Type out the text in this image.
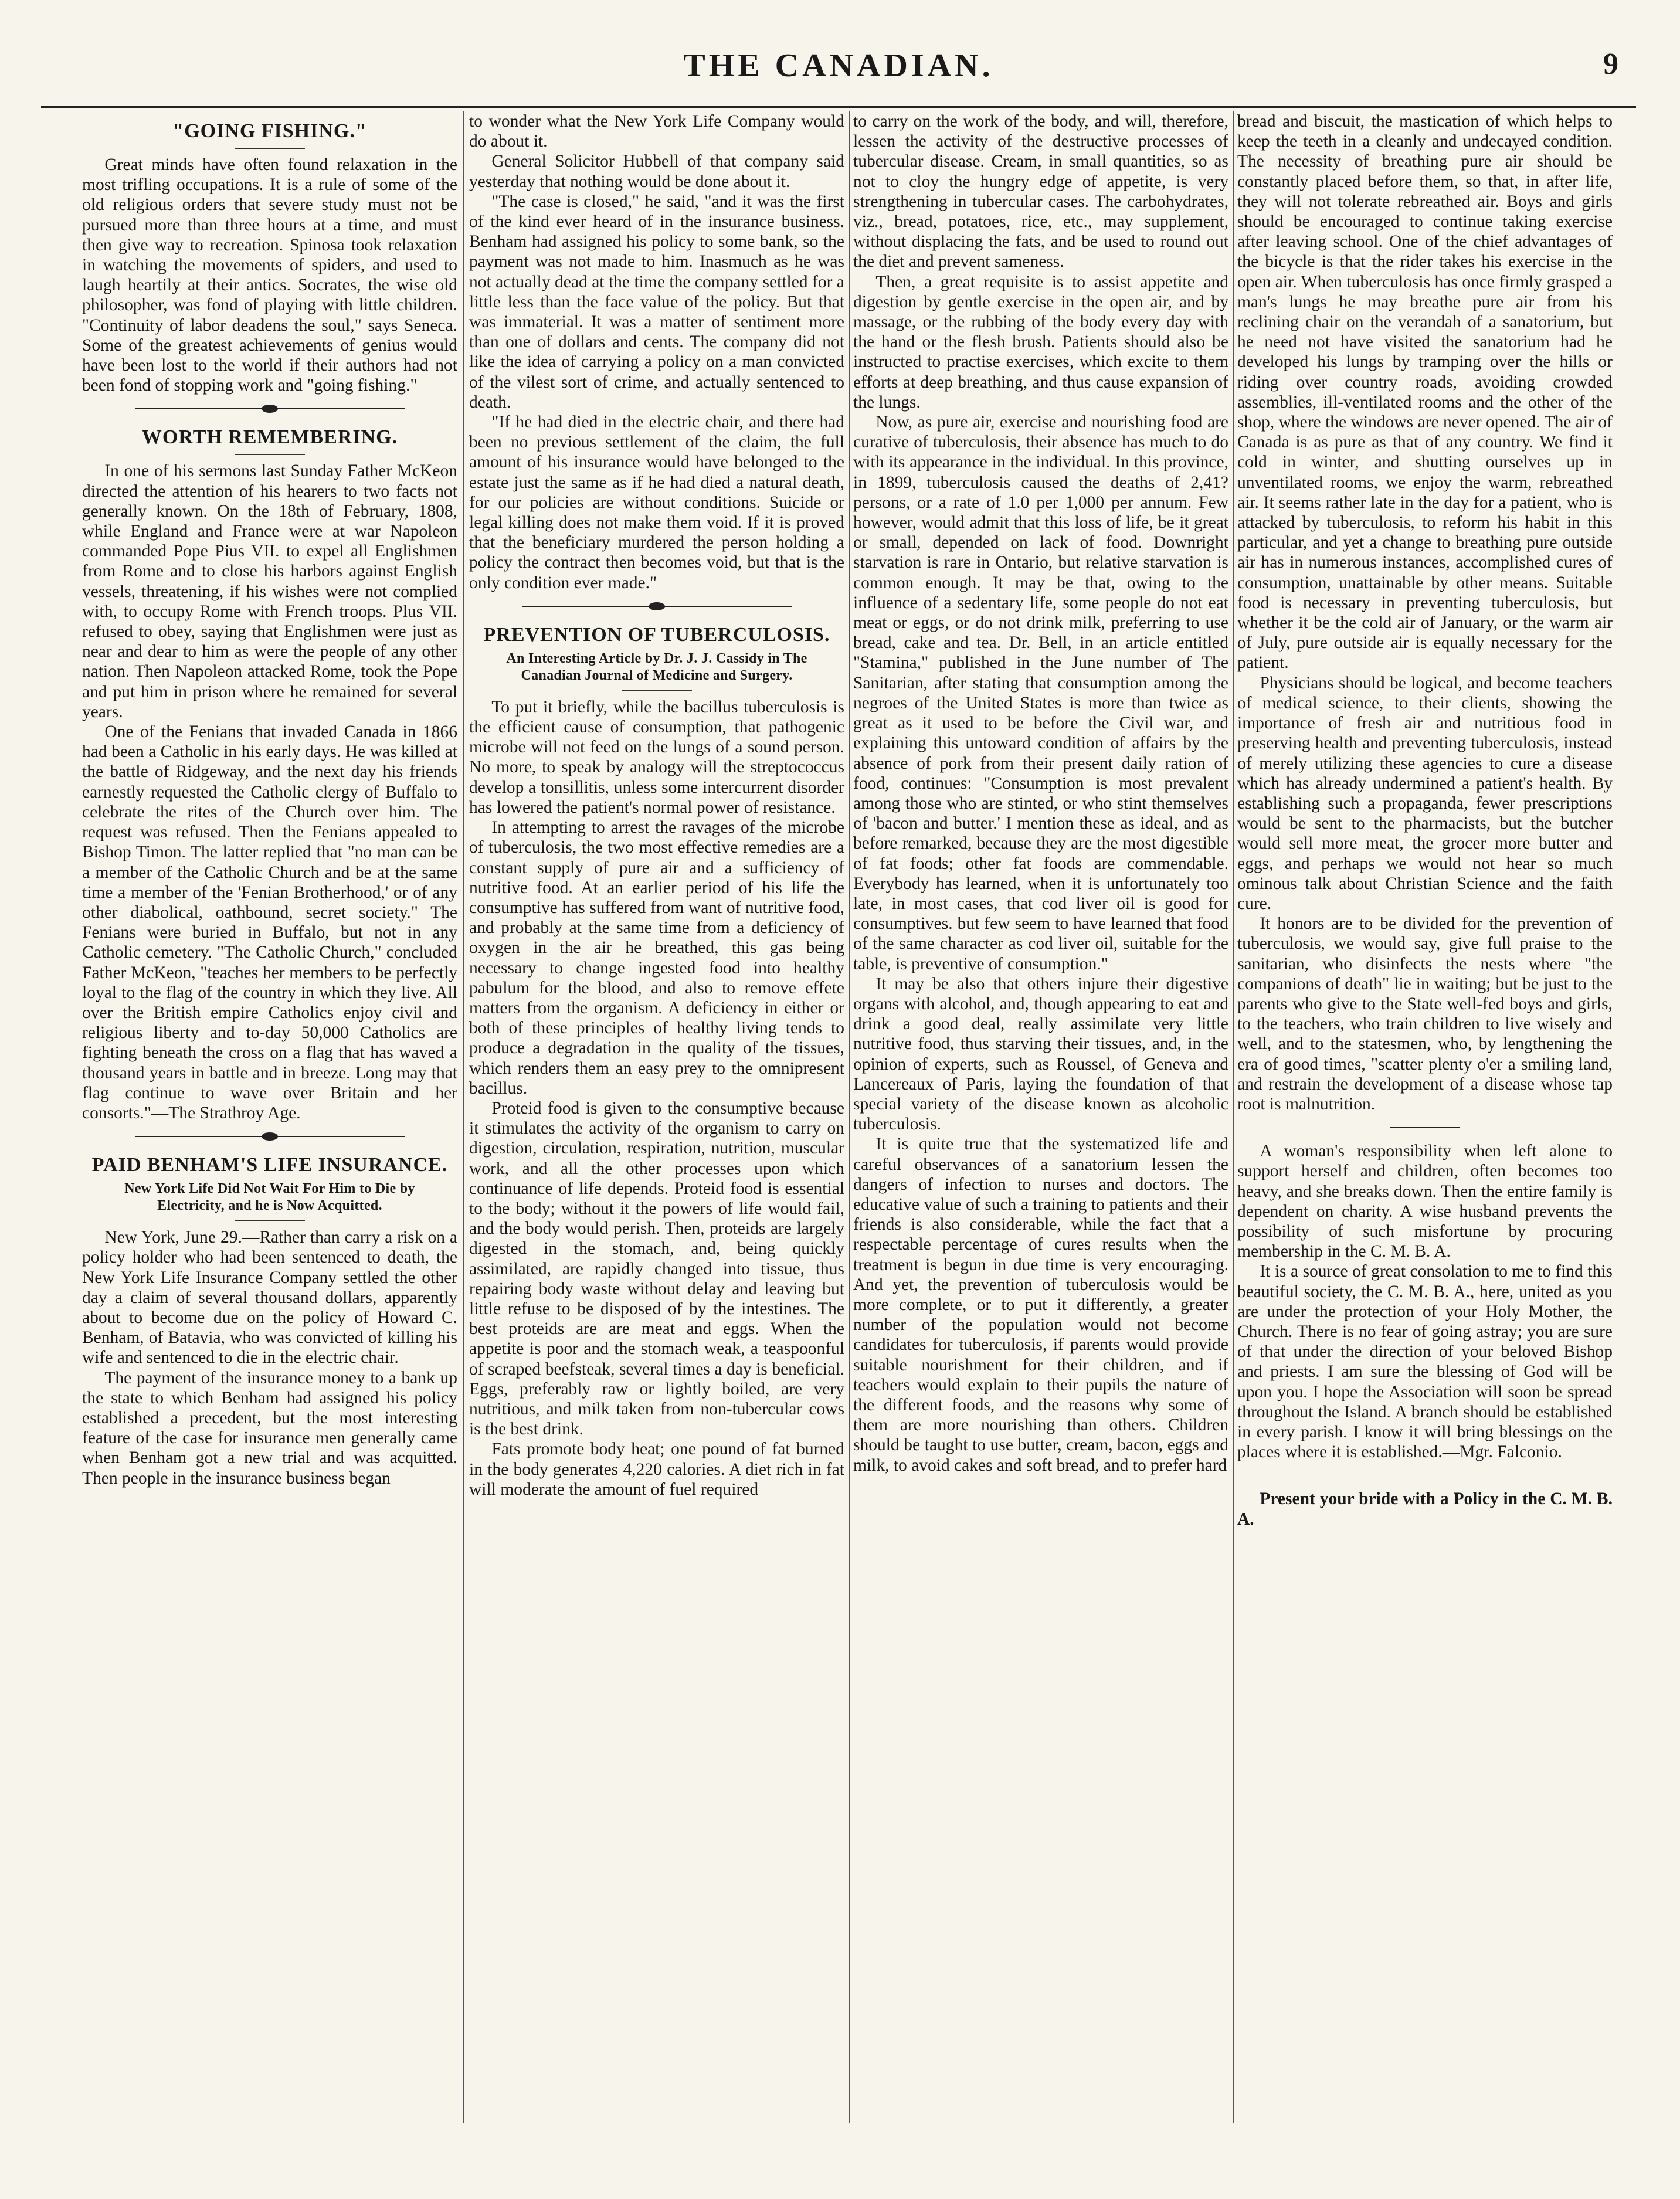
THE CANADIAN.	9
"GOING FISHING."

Great minds have often found relaxation in the most trifling occupations. It is a rule of some of the old religious orders that severe study must not be pursued more than three hours at a time, and must then give way to recreation. Spinosa took relaxation in watching the movements of spiders, and used to laugh heartily at their antics. Socrates, the wise old philosopher, was fond of playing with little children. "Continuity of labor deadens the soul," says Seneca. Some of the greatest achievements of genius would have been lost to the world if their authors had not been fond of stopping work and "going fishing."

WORTH REMEMBERING.

In one of his sermons last Sunday Father McKeon directed the attention of his hearers to two facts not generally known. On the 18th of February, 1808, while England and France were at war Napoleon commanded Pope Pius VII. to expel all Englishmen from Rome and to close his harbors against English vessels, threatening, if his wishes were not complied with, to occupy Rome with French troops. Plus VII. refused to obey, saying that Englishmen were just as near and dear to him as were the people of any other nation. Then Napoleon attacked Rome, took the Pope and put him in prison where he remained for several years.

One of the Fenians that invaded Canada in 1866 had been a Catholic in his early days. He was killed at the battle of Ridgeway, and the next day his friends earnestly requested the Catholic clergy of Buffalo to celebrate the rites of the Church over him. The request was refused. Then the Fenians appealed to Bishop Timon. The latter replied that "no man can be a member of the Catholic Church and be at the same time a member of the 'Fenian Brotherhood,' or of any other diabolical, oathbound, secret society." The Fenians were buried in Buffalo, but not in any Catholic cemetery. "The Catholic Church," concluded Father McKeon, "teaches her members to be perfectly loyal to the flag of the country in which they live. All over the British empire Catholics enjoy civil and religious liberty and to-day 50,000 Catholics are fighting beneath the cross on a flag that has waved a thousand years in battle and in breeze. Long may that flag continue to wave over Britain and her consorts."—The Strathroy Age.

PAID BENHAM'S LIFE INSURANCE.
New York Life Did Not Wait For Him to Die by Electricity, and he is Now Acquitted.

New York, June 29.—Rather than carry a risk on a policy holder who had been sentenced to death, the New York Life Insurance Company settled the other day a claim of several thousand dollars, apparently about to become due on the policy of Howard C. Benham, of Batavia, who was convicted of killing his wife and sentenced to die in the electric chair.

The payment of the insurance money to a bank up the state to which Benham had assigned his policy established a precedent, but the most interesting feature of the case for insurance men generally came when Benham got a new trial and was acquitted. Then people in the insurance business began

to wonder what the New York Life Company would do about it.

General Solicitor Hubbell of that company said yesterday that nothing would be done about it.

"The case is closed," he said, "and it was the first of the kind ever heard of in the insurance business. Benham had assigned his policy to some bank, so the payment was not made to him. Inasmuch as he was not actually dead at the time the company settled for a little less than the face value of the policy. But that was immaterial. It was a matter of sentiment more than one of dollars and cents. The company did not like the idea of carrying a policy on a man convicted of the vilest sort of crime, and actually sentenced to death.

"If he had died in the electric chair, and there had been no previous settlement of the claim, the full amount of his insurance would have belonged to the estate just the same as if he had died a natural death, for our policies are without conditions. Suicide or legal killing does not make them void. If it is proved that the beneficiary murdered the person holding a policy the contract then becomes void, but that is the only condition ever made."

PREVENTION OF TUBERCULOSIS.
An Interesting Article by Dr. J. J. Cassidy in The Canadian Journal of Medicine and Surgery.

To put it briefly, while the bacillus tuberculosis is the efficient cause of consumption, that pathogenic microbe will not feed on the lungs of a sound person. No more, to speak by analogy will the streptococcus develop a tonsillitis, unless some intercurrent disorder has lowered the patient's normal power of resistance.

In attempting to arrest the ravages of the microbe of tuberculosis, the two most effective remedies are a constant supply of pure air and a sufficiency of nutritive food. At an earlier period of his life the consumptive has suffered from want of nutritive food, and probably at the same time from a deficiency of oxygen in the air he breathed, this gas being necessary to change ingested food into healthy pabulum for the blood, and also to remove effete matters from the organism. A deficiency in either or both of these principles of healthy living tends to produce a degradation in the quality of the tissues, which renders them an easy prey to the omnipresent bacillus.

Proteid food is given to the consumptive because it stimulates the activity of the organism to carry on digestion, circulation, respiration, nutrition, muscular work, and all the other processes upon which continuance of life depends. Proteid food is essential to the body; without it the powers of life would fail, and the body would perish. Then, proteids are largely digested in the stomach, and, being quickly assimilated, are rapidly changed into tissue, thus repairing body waste without delay and leaving but little refuse to be disposed of by the intestines. The best proteids are are meat and eggs. When the appetite is poor and the stomach weak, a teaspoonful of scraped beefsteak, several times a day is beneficial. Eggs, preferably raw or lightly boiled, are very nutritious, and milk taken from non-tubercular cows is the best drink.

Fats promote body heat; one pound of fat burned in the body generates 4,220 calories. A diet rich in fat will moderate the amount of fuel required

to carry on the work of the body, and will, therefore, lessen the activity of the destructive processes of tubercular disease. Cream, in small quantities, so as not to cloy the hungry edge of appetite, is very strengthening in tubercular cases. The carbohydrates, viz., bread, potatoes, rice, etc., may supplement, without displacing the fats, and be used to round out the diet and prevent sameness.

Then, a great requisite is to assist appetite and digestion by gentle exercise in the open air, and by massage, or the rubbing of the body every day with the hand or the flesh brush. Patients should also be instructed to practise exercises, which excite to them efforts at deep breathing, and thus cause expansion of the lungs.

Now, as pure air, exercise and nourishing food are curative of tuberculosis, their absence has much to do with its appearance in the individual. In this province, in 1899, tuberculosis caused the deaths of 2,41? persons, or a rate of 1.0 per 1,000 per annum. Few however, would admit that this loss of life, be it great or small, depended on lack of food. Downright starvation is rare in Ontario, but relative starvation is common enough. It may be that, owing to the influence of a sedentary life, some people do not eat meat or eggs, or do not drink milk, preferring to use bread, cake and tea. Dr. Bell, in an article entitled "Stamina," published in the June number of The Sanitarian, after stating that consumption among the negroes of the United States is more than twice as great as it used to be before the Civil war, and explaining this untoward condition of affairs by the absence of pork from their present daily ration of food, continues: "Consumption is most prevalent among those who are stinted, or who stint themselves of 'bacon and butter.' I mention these as ideal, and as before remarked, because they are the most digestible of fat foods; other fat foods are commendable. Everybody has learned, when it is unfortunately too late, in most cases, that cod liver oil is good for consumptives. but few seem to have learned that food of the same character as cod liver oil, suitable for the table, is preventive of consumption."

It may be also that others injure their digestive organs with alcohol, and, though appearing to eat and drink a good deal, really assimilate very little nutritive food, thus starving their tissues, and, in the opinion of experts, such as Roussel, of Geneva and Lancereaux of Paris, laying the foundation of that special variety of the disease known as alcoholic tuberculosis.

It is quite true that the systematized life and careful observances of a sanatorium lessen the dangers of infection to nurses and doctors. The educative value of such a training to patients and their friends is also considerable, while the fact that a respectable percentage of cures results when the treatment is begun in due time is very encouraging. And yet, the prevention of tuberculosis would be more complete, or to put it differently, a greater number of the population would not become candidates for tuberculosis, if parents would provide suitable nourishment for their children, and if teachers would explain to their pupils the nature of the different foods, and the reasons why some of them are more nourishing than others. Children should be taught to use butter, cream, bacon, eggs and milk, to avoid cakes and soft bread, and to prefer hard

bread and biscuit, the mastication of which helps to keep the teeth in a cleanly and undecayed condition. The necessity of breathing pure air should be constantly placed before them, so that, in after life, they will not tolerate rebreathed air. Boys and girls should be encouraged to continue taking exercise after leaving school. One of the chief advantages of the bicycle is that the rider takes his exercise in the open air. When tuberculosis has once firmly grasped a man's lungs he may breathe pure air from his reclining chair on the verandah of a sanatorium, but he need not have visited the sanatorium had he developed his lungs by tramping over the hills or riding over country roads, avoiding crowded assemblies, ill-ventilated rooms and the other of the shop, where the windows are never opened. The air of Canada is as pure as that of any country. We find it cold in winter, and shutting ourselves up in unventilated rooms, we enjoy the warm, rebreathed air. It seems rather late in the day for a patient, who is attacked by tuberculosis, to reform his habit in this particular, and yet a change to breathing pure outside air has in numerous instances, accomplished cures of consumption, unattainable by other means. Suitable food is necessary in preventing tuberculosis, but whether it be the cold air of January, or the warm air of July, pure outside air is equally necessary for the patient.

Physicians should be logical, and become teachers of medical science, to their clients, showing the importance of fresh air and nutritious food in preserving health and preventing tuberculosis, instead of merely utilizing these agencies to cure a disease which has already undermined a patient's health. By establishing such a propaganda, fewer prescriptions would be sent to the pharmacists, but the butcher would sell more meat, the grocer more butter and eggs, and perhaps we would not hear so much ominous talk about Christian Science and the faith cure.

It honors are to be divided for the prevention of tuberculosis, we would say, give full praise to the sanitarian, who disinfects the nests where "the companions of death" lie in waiting; but be just to the parents who give to the State well-fed boys and girls, to the teachers, who train children to live wisely and well, and to the statesmen, who, by lengthening the era of good times, "scatter plenty o'er a smiling land, and restrain the development of a disease whose tap root is malnutrition.

A woman's responsibility when left alone to support herself and children, often becomes too heavy, and she breaks down. Then the entire family is dependent on charity. A wise husband prevents the possibility of such misfortune by procuring membership in the C. M. B. A.

It is a source of great consolation to me to find this beautiful society, the C. M. B. A., here, united as you are under the protection of your Holy Mother, the Church. There is no fear of going astray; you are sure of that under the direction of your beloved Bishop and priests. I am sure the blessing of God will be upon you. I hope the Association will soon be spread throughout the Island. A branch should be established in every parish. I know it will bring blessings on the places where it is established.—Mgr. Falconio.

Present your bride with a Policy in the C. M. B. A.
